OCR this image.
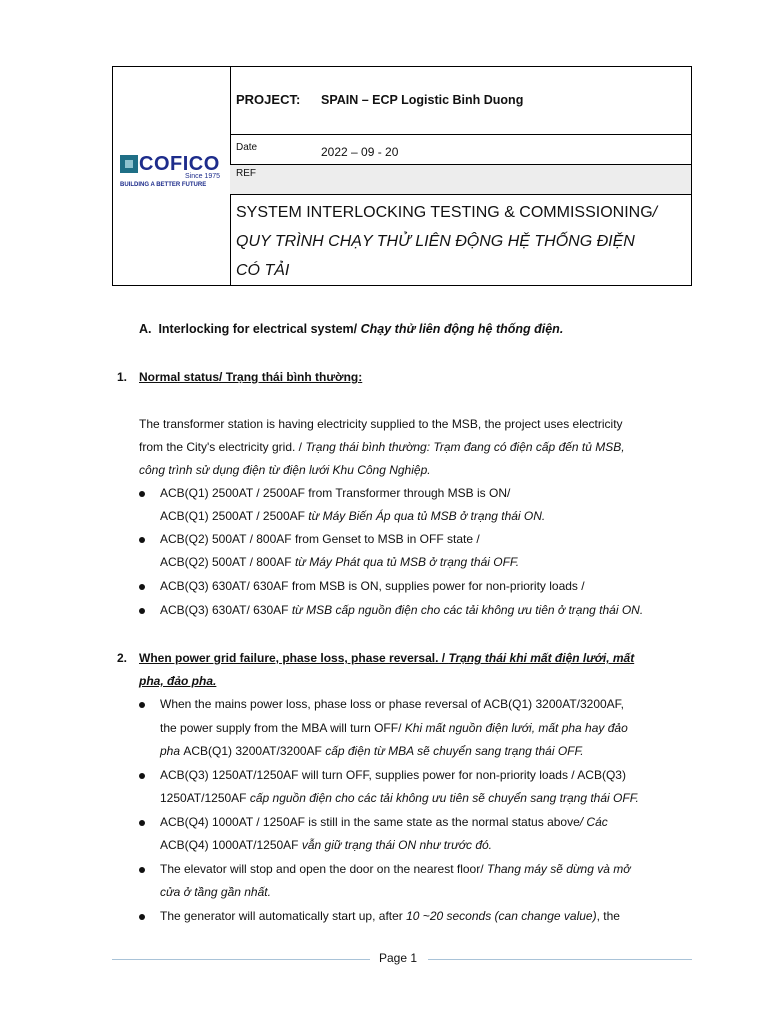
COFICO
Since 1975
BUILDING A BETTER FUTURE
PROJECT: SPAIN – ECP Logistic Binh Duong
Date	2022 – 09 - 20
REF
SYSTEM INTERLOCKING TESTING & COMMISSIONING/
QUY TRÌNH CHẠY THỬ LIÊN ĐỘNG HỆ THỐNG ĐIỆN
CÓ TẢI
A. Interlocking for electrical system/ Chạy thử liên động hệ thống điện.
1. Normal status/ Trạng thái bình thường:
The transformer station is having electricity supplied to the MSB, the project uses electricity
from the City's electricity grid. / Trạng thái bình thường: Trạm đang có điện cấp đến tủ MSB,
công trình sử dụng điện từ điện lưới Khu Công Nghiệp.
ACB(Q1) 2500AT / 2500AF from Transformer through MSB is ON/
ACB(Q1) 2500AT / 2500AF từ Máy Biến Áp qua tủ MSB ở trạng thái ON.
ACB(Q2) 500AT / 800AF from Genset to MSB in OFF state /
ACB(Q2) 500AT / 800AF từ Máy Phát qua tủ MSB ở trạng thái OFF.
ACB(Q3) 630AT/ 630AF from MSB is ON, supplies power for non-priority loads /
ACB(Q3) 630AT/ 630AF từ MSB cấp nguồn điện cho các tải không ưu tiên ở trạng thái ON.
2. When power grid failure, phase loss, phase reversal. / Trạng thái khi mất điện lưới, mất
pha, đảo pha.
When the mains power loss, phase loss or phase reversal of ACB(Q1) 3200AT/3200AF,
the power supply from the MBA will turn OFF/ Khi mất nguồn điện lưới, mất pha hay đảo
pha ACB(Q1) 3200AT/3200AF cấp điện từ MBA sẽ chuyển sang trạng thái OFF.
ACB(Q3) 1250AT/1250AF will turn OFF, supplies power for non-priority loads / ACB(Q3)
1250AT/1250AF cấp nguồn điện cho các tải không ưu tiên sẽ chuyển sang trạng thái OFF.
ACB(Q4) 1000AT / 1250AF is still in the same state as the normal status above/ Các
ACB(Q4) 1000AT/1250AF vẫn giữ trạng thái ON như trước đó.
The elevator will stop and open the door on the nearest floor/ Thang máy sẽ dừng và mở
cửa ở tầng gần nhất.
The generator will automatically start up, after 10 ~20 seconds (can change value), the
Page 1
